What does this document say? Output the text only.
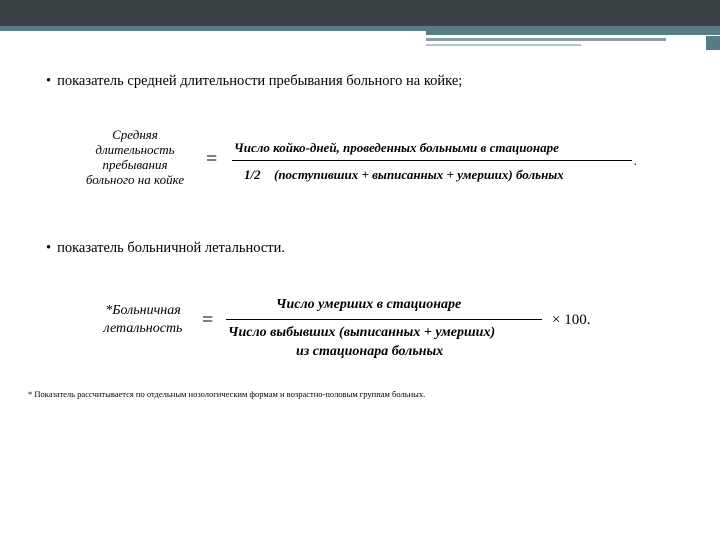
• показатель средней длительности пребывания больного на койке;
Средняя
длительность
пребывания
больного на койке
=
Число койко-дней, проведенных больными в стационаре
.
1/2 (поступивших + выписанных + умерших) больных
• показатель больничной летальности.
*Больничная
летальность =
Число умерших в стационаре
Число выбывших (выписанных + умерших)
из стационара больных
× 100.
* Показатель рассчитывается по отдельным нозологическим формам и возрастно-половым группам больных.
